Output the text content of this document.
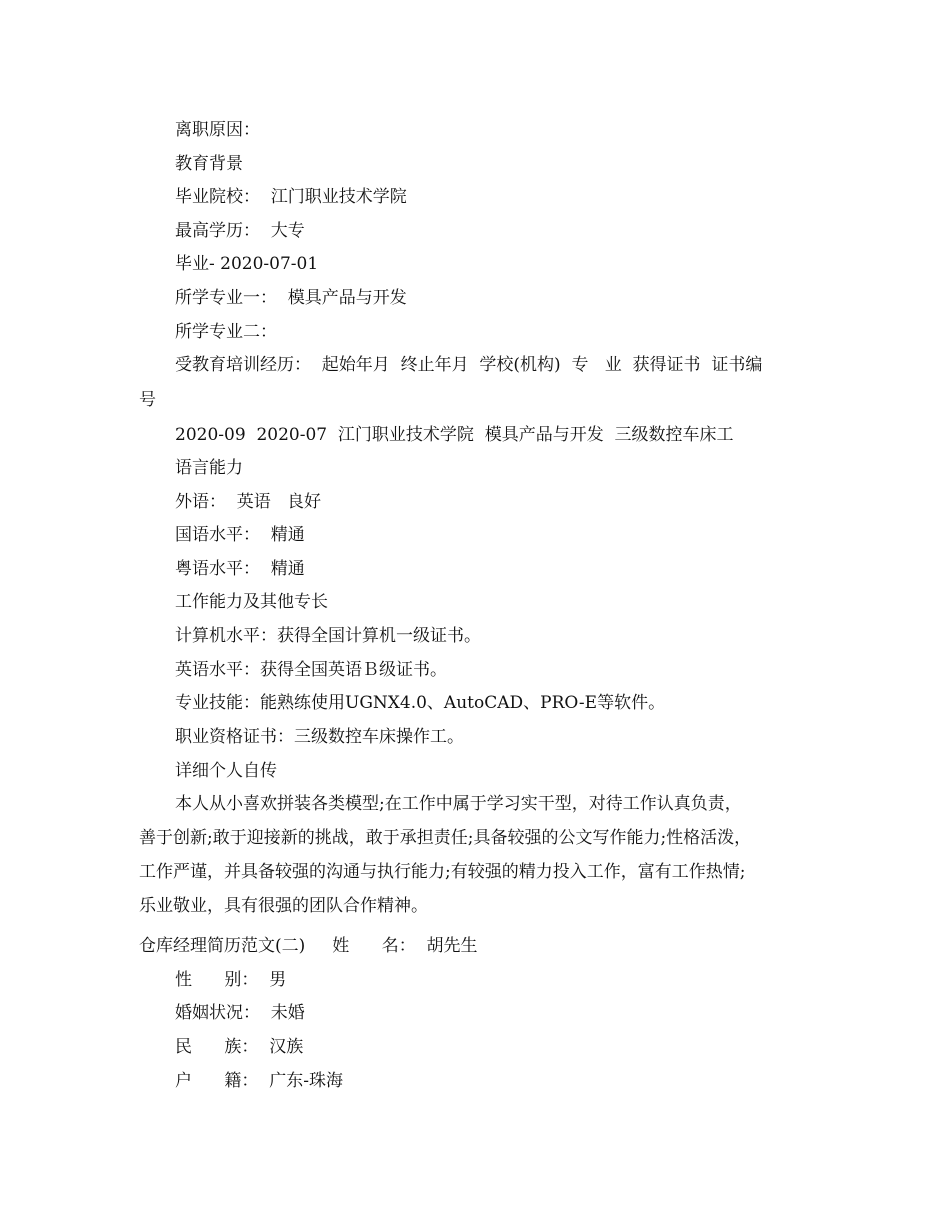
离职原因：
教育背景
毕业院校：  江门职业技术学院
最高学历：  大专
毕业- 2020-07-01
所学专业一：  模具产品与开发
所学专业二：
受教育培训经历：  起始年月  终止年月  学校(机构)  专   业  获得证书  证书编
号
2020-09  2020-07  江门职业技术学院  模具产品与开发  三级数控车床工
语言能力
外语：  英语   良好
国语水平：  精通
粤语水平：  精通
工作能力及其他专长
计算机水平：获得全国计算机一级证书。
英语水平：获得全国英语Ｂ级证书。
专业技能：能熟练使用UGNX4.0、AutoCAD、PRO-E等软件。
职业资格证书：三级数控车床操作工。
详细个人自传
本人从小喜欢拼装各类模型;在工作中属于学习实干型，对待工作认真负责，
善于创新;敢于迎接新的挑战，敢于承担责任;具备较强的公文写作能力;性格活泼，
工作严谨，并具备较强的沟通与执行能力;有较强的精力投入工作，富有工作热情;
乐业敬业，具有很强的团队合作精神。
仓库经理简历范文(二)     姓      名：  胡先生
性      别：  男
婚姻状况：  未婚
民      族：  汉族
户      籍：  广东-珠海
